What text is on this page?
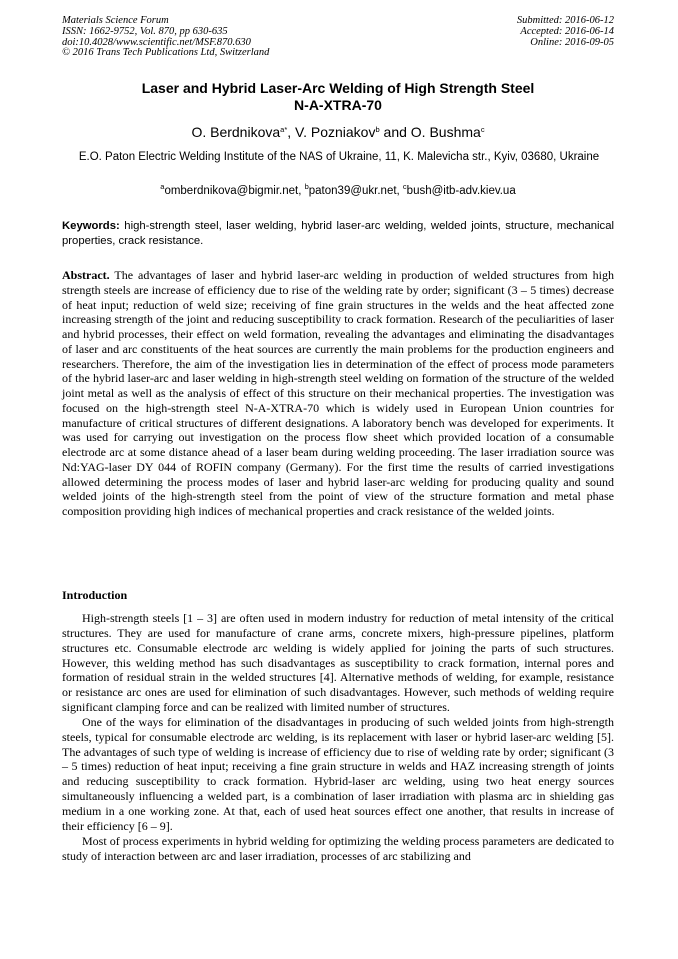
Materials Science Forum
ISSN: 1662-9752, Vol. 870, pp 630-635
doi:10.4028/www.scientific.net/MSF.870.630
© 2016 Trans Tech Publications Ltd, Switzerland
Submitted: 2016-06-12
Accepted: 2016-06-14
Online: 2016-09-05
Laser and Hybrid Laser-Arc Welding of High Strength Steel
N-A-XTRA-70
O. Berdnikova$^{a*}$, V. Pozniakov$^b$ and O. Bushma$^c$
E.O. Paton Electric Welding Institute of the NAS of Ukraine, 11, K. Malevicha str., Kyiv, 03680, Ukraine
$^a$omberdnikova@bigmir.net, $^b$paton39@ukr.net, $^c$bush@itb-adv.kiev.ua
Keywords: high-strength steel, laser welding, hybrid laser-arc welding, welded joints, structure, mechanical properties, crack resistance.
Abstract. The advantages of laser and hybrid laser-arc welding in production of welded structures from high strength steels are increase of efficiency due to rise of the welding rate by order; significant (3 – 5 times) decrease of heat input; reduction of weld size; receiving of fine grain structures in the welds and the heat affected zone increasing strength of the joint and reducing susceptibility to crack formation. Research of the peculiarities of laser and hybrid processes, their effect on weld formation, revealing the advantages and eliminating the disadvantages of laser and arc constituents of the heat sources are currently the main problems for the production engineers and researchers. Therefore, the aim of the investigation lies in determination of the effect of process mode parameters of the hybrid laser-arc and laser welding in high-strength steel welding on formation of the structure of the welded joint metal as well as the analysis of effect of this structure on their mechanical properties. The investigation was focused on the high-strength steel N-A-XTRA-70 which is widely used in European Union countries for manufacture of critical structures of different designations. A laboratory bench was developed for experiments. It was used for carrying out investigation on the process flow sheet which provided location of a consumable electrode arc at some distance ahead of a laser beam during welding proceeding. The laser irradiation source was Nd:YAG-laser DY 044 of ROFIN company (Germany). For the first time the results of carried investigations allowed determining the process modes of laser and hybrid laser-arc welding for producing quality and sound welded joints of the high-strength steel from the point of view of the structure formation and metal phase composition providing high indices of mechanical properties and crack resistance of the welded joints.
Introduction

High-strength steels [1 – 3] are often used in modern industry for reduction of metal intensity of the critical structures. They are used for manufacture of crane arms, concrete mixers, high-pressure pipelines, platform structures etc. Consumable electrode arc welding is widely applied for joining the parts of such structures. However, this welding method has such disadvantages as susceptibility to crack formation, internal pores and formation of residual strain in the welded structures [4]. Alternative methods of welding, for example, resistance or resistance arc ones are used for elimination of such disadvantages. However, such methods of welding require significant clamping force and can be realized with limited number of structures.

One of the ways for elimination of the disadvantages in producing of such welded joints from high-strength steels, typical for consumable electrode arc welding, is its replacement with laser or hybrid laser-arc welding [5]. The advantages of such type of welding is increase of efficiency due to rise of welding rate by order; significant (3 – 5 times) reduction of heat input; receiving a fine grain structure in welds and HAZ increasing strength of joints and reducing susceptibility to crack formation. Hybrid-laser arc welding, using two heat energy sources simultaneously influencing a welded part, is a combination of laser irradiation with plasma arc in shielding gas medium in a one working zone. At that, each of used heat sources effect one another, that results in increase of their efficiency [6 – 9].

Most of process experiments in hybrid welding for optimizing the welding process parameters are dedicated to study of interaction between arc and laser irradiation, processes of arc stabilizing and
